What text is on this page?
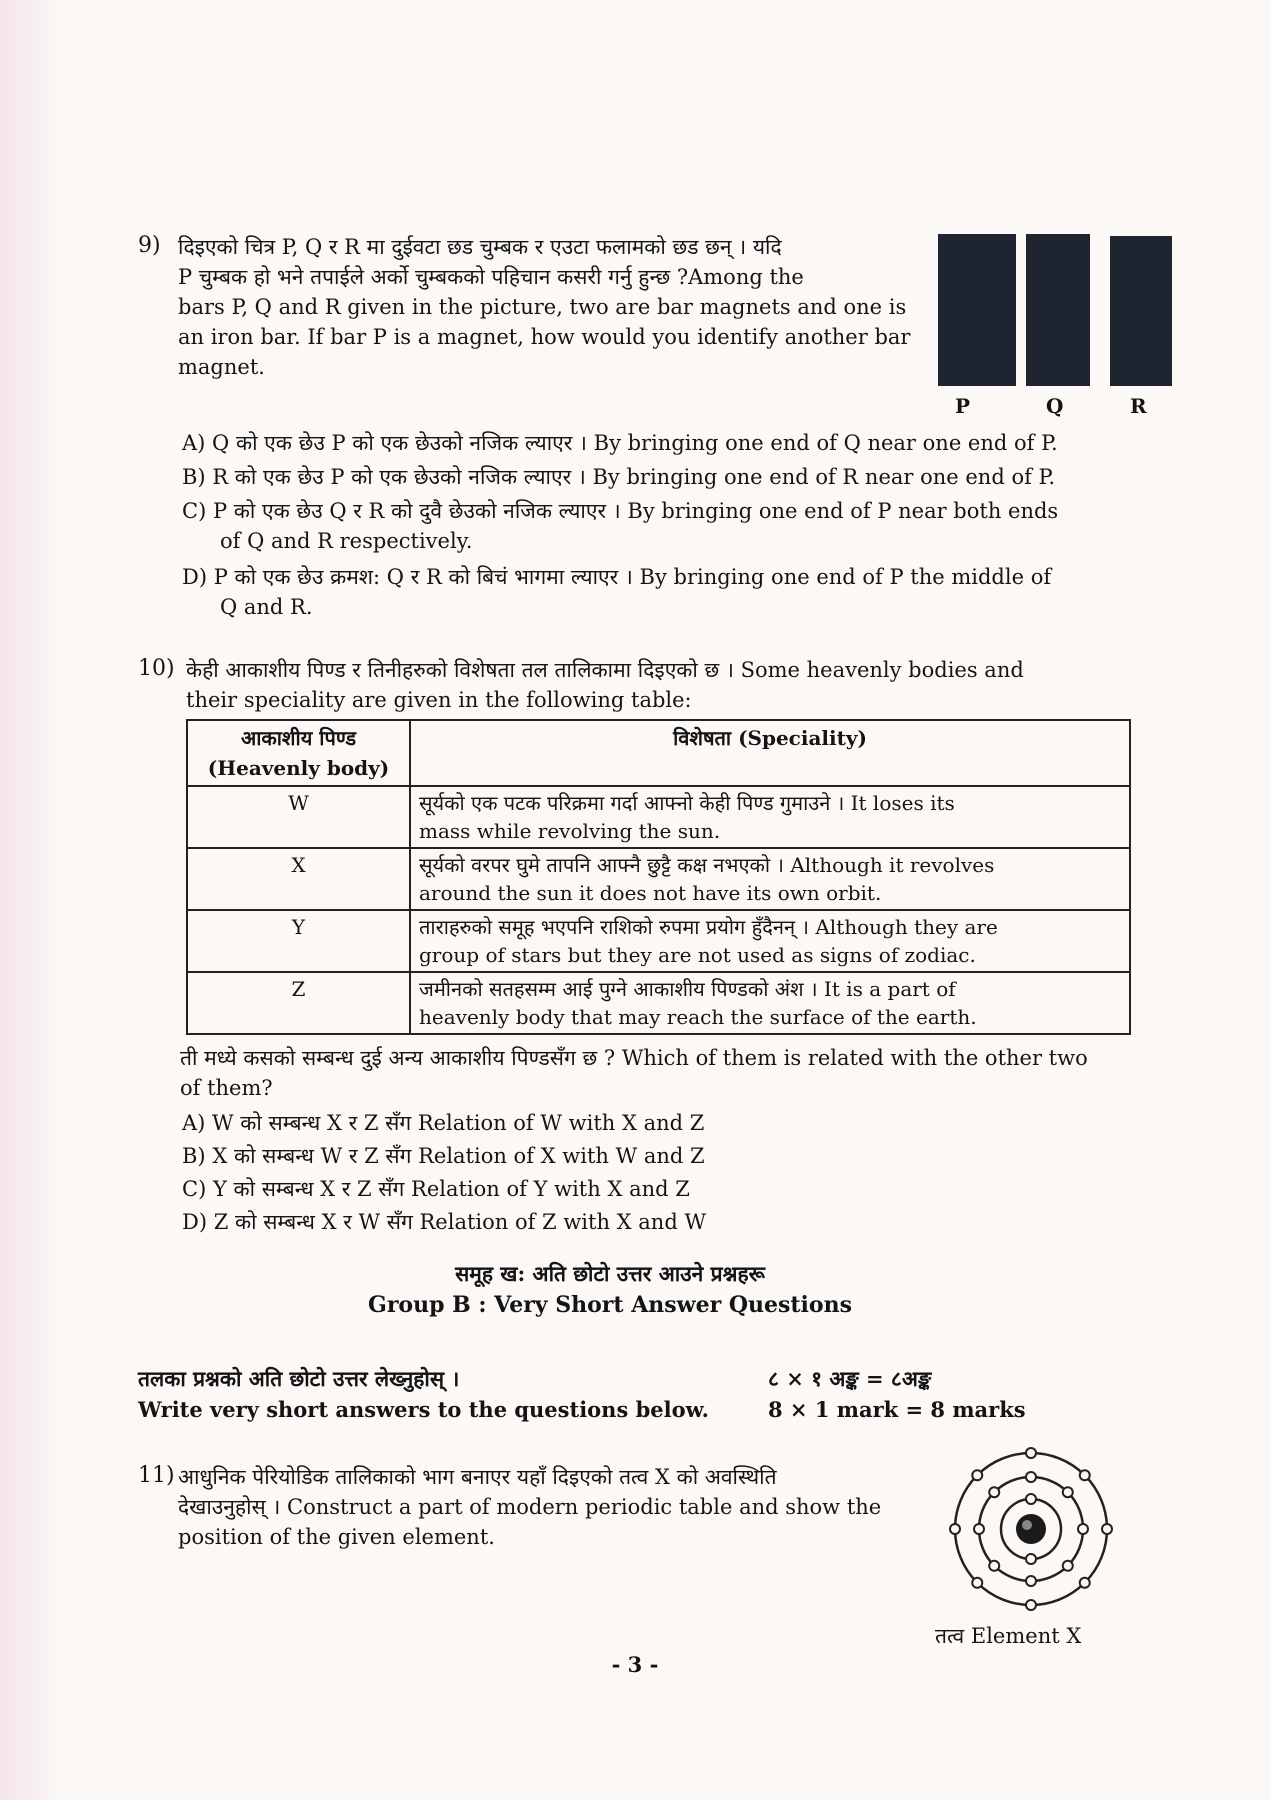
9) दिइएको चित्र P, Q र R मा दुईवटा छड चुम्बक र एउटा फलामको छड छन् । यदि
P चुम्बक हो भने तपाईले अर्को चुम्बकको पहिचान कसरी गर्नु हुन्छ ?Among the
bars P, Q and R given in the picture, two are bar magnets and one is
an iron bar. If bar P is a magnet, how would you identify another bar
magnet.
P	Q	R
A) Q को एक छेउ P को एक छेउको नजिक ल्याएर । By bringing one end of Q near one end of P.
B) R को एक छेउ P को एक छेउको नजिक ल्याएर । By bringing one end of R near one end of P.
C) P को एक छेउ Q र R को दुवै छेउको नजिक ल्याएर । By bringing one end of P near both ends
of Q and R respectively.
D) P को एक छेउ क्रमश: Q र R को बिचं भागमा ल्याएर । By bringing one end of P the middle of
Q and R.
10) केही आकाशीय पिण्ड र तिनीहरुको विशेषता तल तालिकामा दिइएको छ । Some heavenly bodies and
their speciality are given in the following table:
आकाशीय पिण्ड
(Heavenly body)	विशेषता (Speciality)
W	सूर्यको एक पटक परिक्रमा गर्दा आफ्नो केही पिण्ड गुमाउने । It loses its
mass while revolving the sun.

X	सूर्यको वरपर घुमे तापनि आफ्नै छुट्टै कक्ष नभएको । Although it revolves
around the sun it does not have its own orbit.

Y	ताराहरुको समूह भएपनि राशिको रुपमा प्रयोग हुँदैनन् । Although they are
group of stars but they are not used as signs of zodiac.

Z	जमीनको सतहसम्म आई पुग्ने आकाशीय पिण्डको अंश । It is a part of
heavenly body that may reach the surface of the earth.
ती मध्ये कसको सम्बन्ध दुई अन्य आकाशीय पिण्डसँग छ ? Which of them is related with the other two
of them?
A) W को सम्बन्ध X र Z सँग Relation of W with X and Z
B) X को सम्बन्ध W र Z सँग Relation of X with W and Z
C) Y को सम्बन्ध X र Z सँग Relation of Y with X and Z
D) Z को सम्बन्ध X र W सँग Relation of Z with X and W
समूह ख: अति छोटो उत्तर आउने प्रश्नहरू
Group B : Very Short Answer Questions
तलका प्रश्नको अति छोटो उत्तर लेख्नुहोस् ।
Write very short answers to the questions below.
८ × १ अङ्क = ८अङ्क
8 × 1 mark = 8 marks
11) आधुनिक पेरियोडिक तालिकाको भाग बनाएर यहाँ दिइएको तत्व X को अवस्थिति
देखाउनुहोस् । Construct a part of modern periodic table and show the
position of the given element.
तत्व Element X
- 3 -
